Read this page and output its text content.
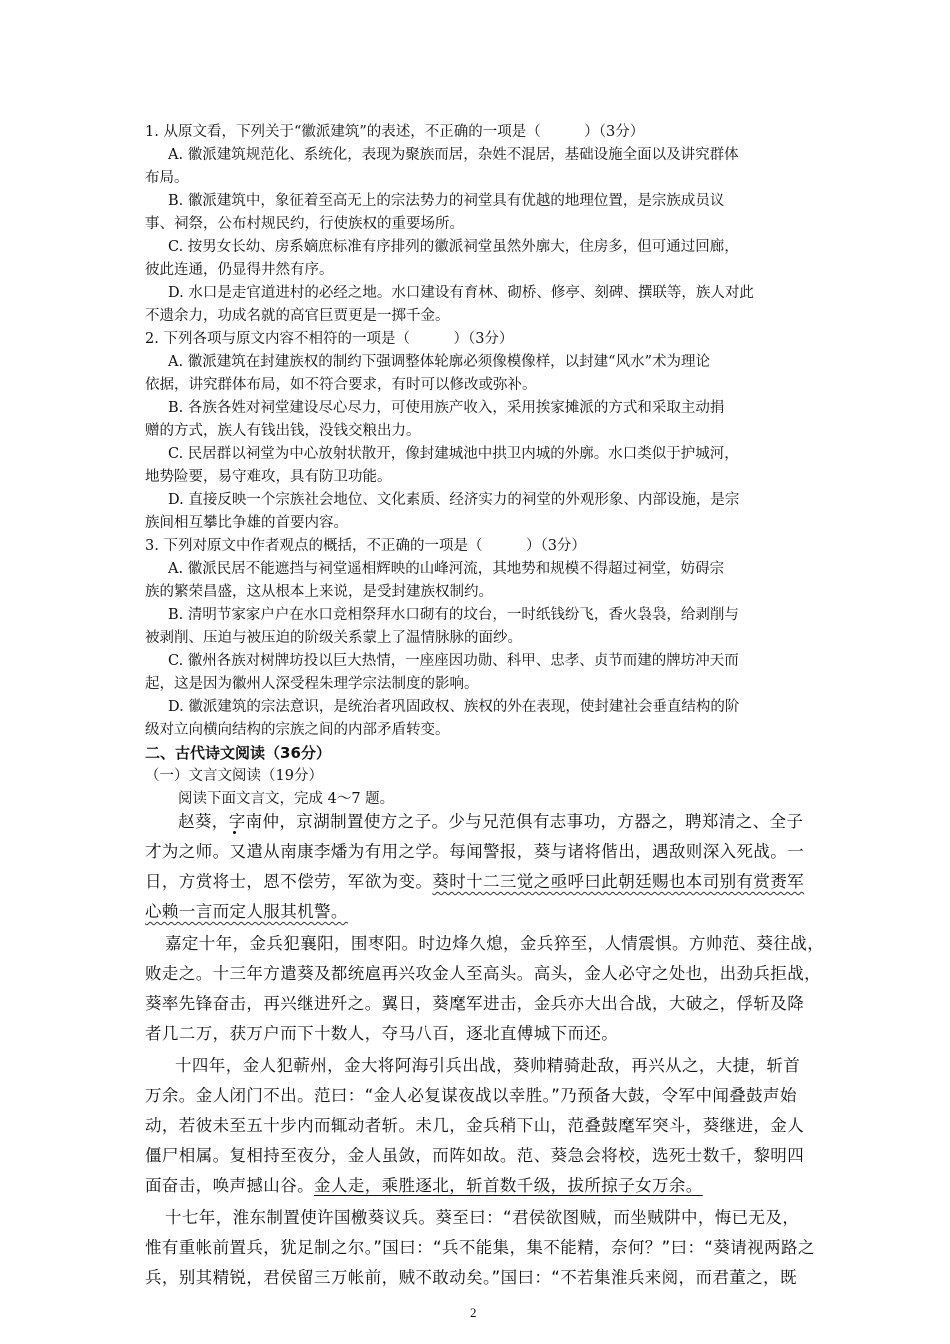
1. 从原文看，下列关于“徽派建筑”的表述，不正确的一项是（　　　）（3分）
A. 徽派建筑规范化、系统化，表现为聚族而居，杂姓不混居，基础设施全面以及讲究群体
布局。
B. 徽派建筑中，象征着至高无上的宗法势力的祠堂具有优越的地理位置，是宗族成员议
事、祠祭，公布村规民约，行使族权的重要场所。
C. 按男女长幼、房系嫡庶标准有序排列的徽派祠堂虽然外廓大，住房多，但可通过回廊，
彼此连通，仍显得井然有序。
D. 水口是走官道进村的必经之地。水口建设有育林、砌桥、修亭、刻碑、撰联等，族人对此
不遗余力，功成名就的高官巨贾更是一掷千金。
2. 下列各项与原文内容不相符的一项是（　　　）（3分）
A. 徽派建筑在封建族权的制约下强调整体轮廓必须像模像样，以封建“风水”术为理论
依据，讲究群体布局，如不符合要求，有时可以修改或弥补。
B. 各族各姓对祠堂建设尽心尽力，可使用族产收入，采用挨家摊派的方式和采取主动捐
赠的方式，族人有钱出钱，没钱交粮出力。
C. 民居群以祠堂为中心放射状散开，像封建城池中拱卫内城的外廓。水口类似于护城河，
地势险要，易守难攻，具有防卫功能。
D. 直接反映一个宗族社会地位、文化素质、经济实力的祠堂的外观形象、内部设施，是宗
族间相互攀比争雄的首要内容。
3. 下列对原文中作者观点的概括，不正确的一项是（　　　）（3分）
A. 徽派民居不能遮挡与祠堂遥相辉映的山峰河流，其地势和规模不得超过祠堂，妨碍宗
族的繁荣昌盛，这从根本上来说，是受封建族权制约。
B. 清明节家家户户在水口竞相祭拜水口砌有的坟台，一时纸钱纷飞，香火袅袅，给剥削与
被剥削、压迫与被压迫的阶级关系蒙上了温情脉脉的面纱。
C. 徽州各族对树牌坊投以巨大热情，一座座因功勋、科甲、忠孝、贞节而建的牌坊冲天而
起，这是因为徽州人深受程朱理学宗法制度的影响。
D. 徽派建筑的宗法意识，是统治者巩固政权、族权的外在表现，使封建社会垂直结构的阶
级对立向横向结构的宗族之间的内部矛盾转变。
二、古代诗文阅读（36分）
（一）文言文阅读（19分）
阅读下面文言文，完成 4～7 题。
赵葵，字南仲，京湖制置使方之子。少与兄范俱有志事功，方器之，聘郑清之、全子
才为之师。又遣从南康李燔为有用之学。每闻警报，葵与诸将偕出，遇敌则深入死战。一
日，方赏将士，恩不偿劳，军欲为变。葵时十二三觉之亟呼曰此朝廷赐也本司别有赏赉军
心赖一言而定人服其机警。
嘉定十年，金兵犯襄阳，围枣阳。时边烽久熄，金兵猝至，人情震惧。方帅范、葵往战，
败走之。十三年方遣葵及都统扈再兴攻金人至高头。高头，金人必守之处也，出劲兵拒战，
葵率先锋奋击，再兴继进歼之。翼日，葵麾军进击，金兵亦大出合战，大破之，俘斩及降
者几二万，获万户而下十数人，夺马八百，逐北直傅城下而还。
十四年，金人犯蕲州，金大将阿海引兵出战，葵帅精骑赴敌，再兴从之，大捷，斩首
万余。金人闭门不出。范曰：“金人必复谋夜战以幸胜。”乃预备大鼓，令军中闻叠鼓声始
动，若彼未至五十步内而辄动者斩。未几，金兵稍下山，范叠鼓麾军突斗，葵继进，金人
僵尸相属。复相持至夜分，金人虽敛，而阵如故。范、葵急会将校，选死士数千，黎明四
面奋击，唤声撼山谷。金人走，乘胜逐北，斩首数千级，拔所掠子女万余。
十七年，淮东制置使许国檄葵议兵。葵至曰：“君侯欲图贼，而坐贼阱中，悔已无及，
惟有重帐前置兵，犹足制之尔。”国曰：“兵不能集，集不能精，奈何？”曰：“葵请视两路之
兵，别其精锐，君侯留三万帐前，贼不敢动矣。”国曰：“不若集淮兵来阅，而君董之，既
2
